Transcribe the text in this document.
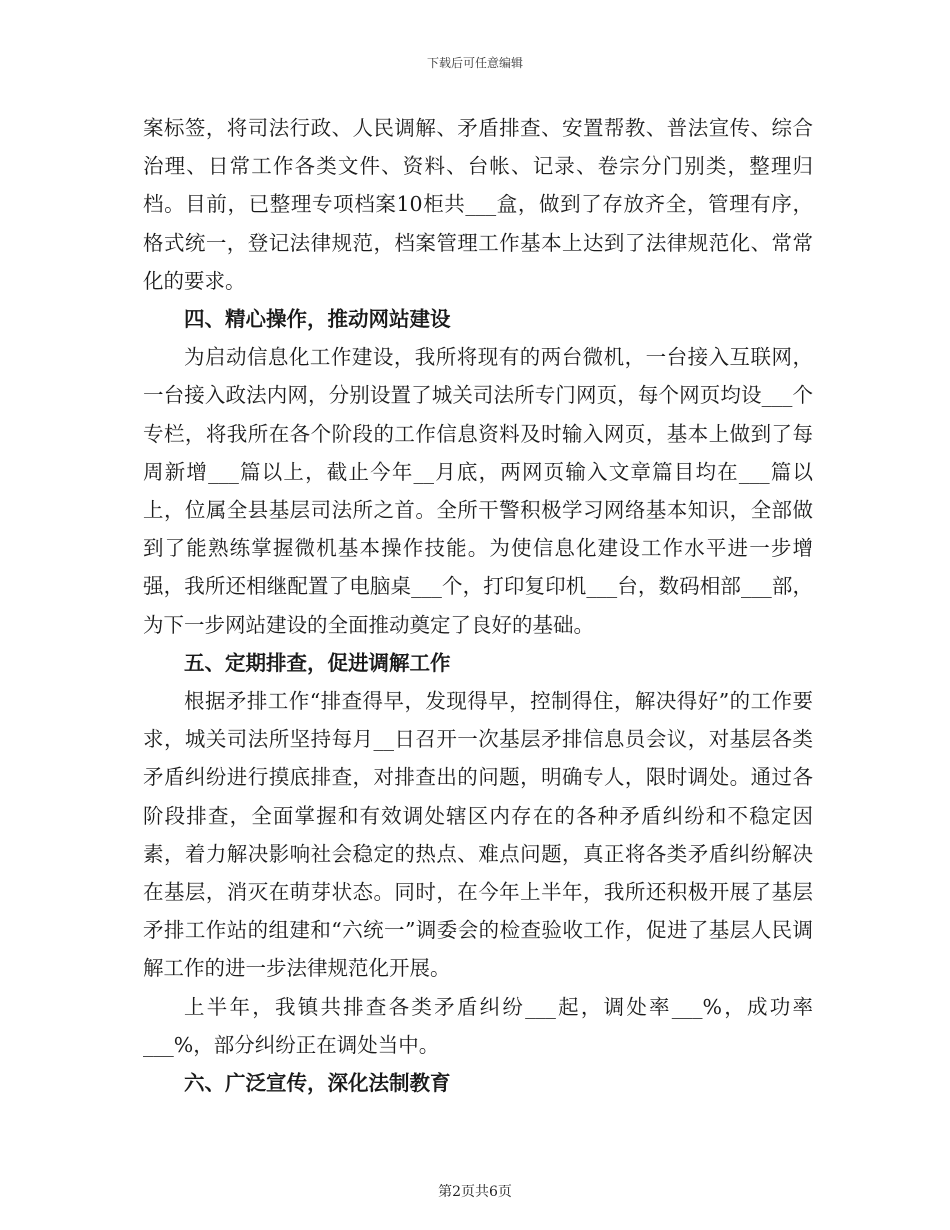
下载后可任意编辑

案标签，将司法行政、人民调解、矛盾排查、安置帮教、普法宣传、综合治理、日常工作各类文件、资料、台帐、记录、卷宗分门别类，整理归档。目前，已整理专项档案10柜共___盒，做到了存放齐全，管理有序，格式统一，登记法律规范，档案管理工作基本上达到了法律规范化、常常化的要求。

四、精心操作，推动网站建设

为启动信息化工作建设，我所将现有的两台微机，一台接入互联网，一台接入政法内网，分别设置了城关司法所专门网页，每个网页均设___个专栏，将我所在各个阶段的工作信息资料及时输入网页，基本上做到了每周新增___篇以上，截止今年__月底，两网页输入文章篇目均在___篇以上，位属全县基层司法所之首。全所干警积极学习网络基本知识，全部做到了能熟练掌握微机基本操作技能。为使信息化建设工作水平进一步增强，我所还相继配置了电脑桌___个，打印复印机___台，数码相部___部，为下一步网站建设的全面推动奠定了良好的基础。

五、定期排查，促进调解工作

根据矛排工作“排查得早，发现得早，控制得住，解决得好”的工作要求，城关司法所坚持每月__日召开一次基层矛排信息员会议，对基层各类矛盾纠纷进行摸底排查，对排查出的问题，明确专人，限时调处。通过各阶段排查，全面掌握和有效调处辖区内存在的各种矛盾纠纷和不稳定因素，着力解决影响社会稳定的热点、难点问题，真正将各类矛盾纠纷解决在基层，消灭在萌芽状态。同时，在今年上半年，我所还积极开展了基层矛排工作站的组建和“六统一”调委会的检查验收工作，促进了基层人民调解工作的进一步法律规范化开展。

上半年，我镇共排查各类矛盾纠纷___起，调处率___%，成功率___%，部分纠纷正在调处当中。

六、广泛宣传，深化法制教育
第2页共6页
